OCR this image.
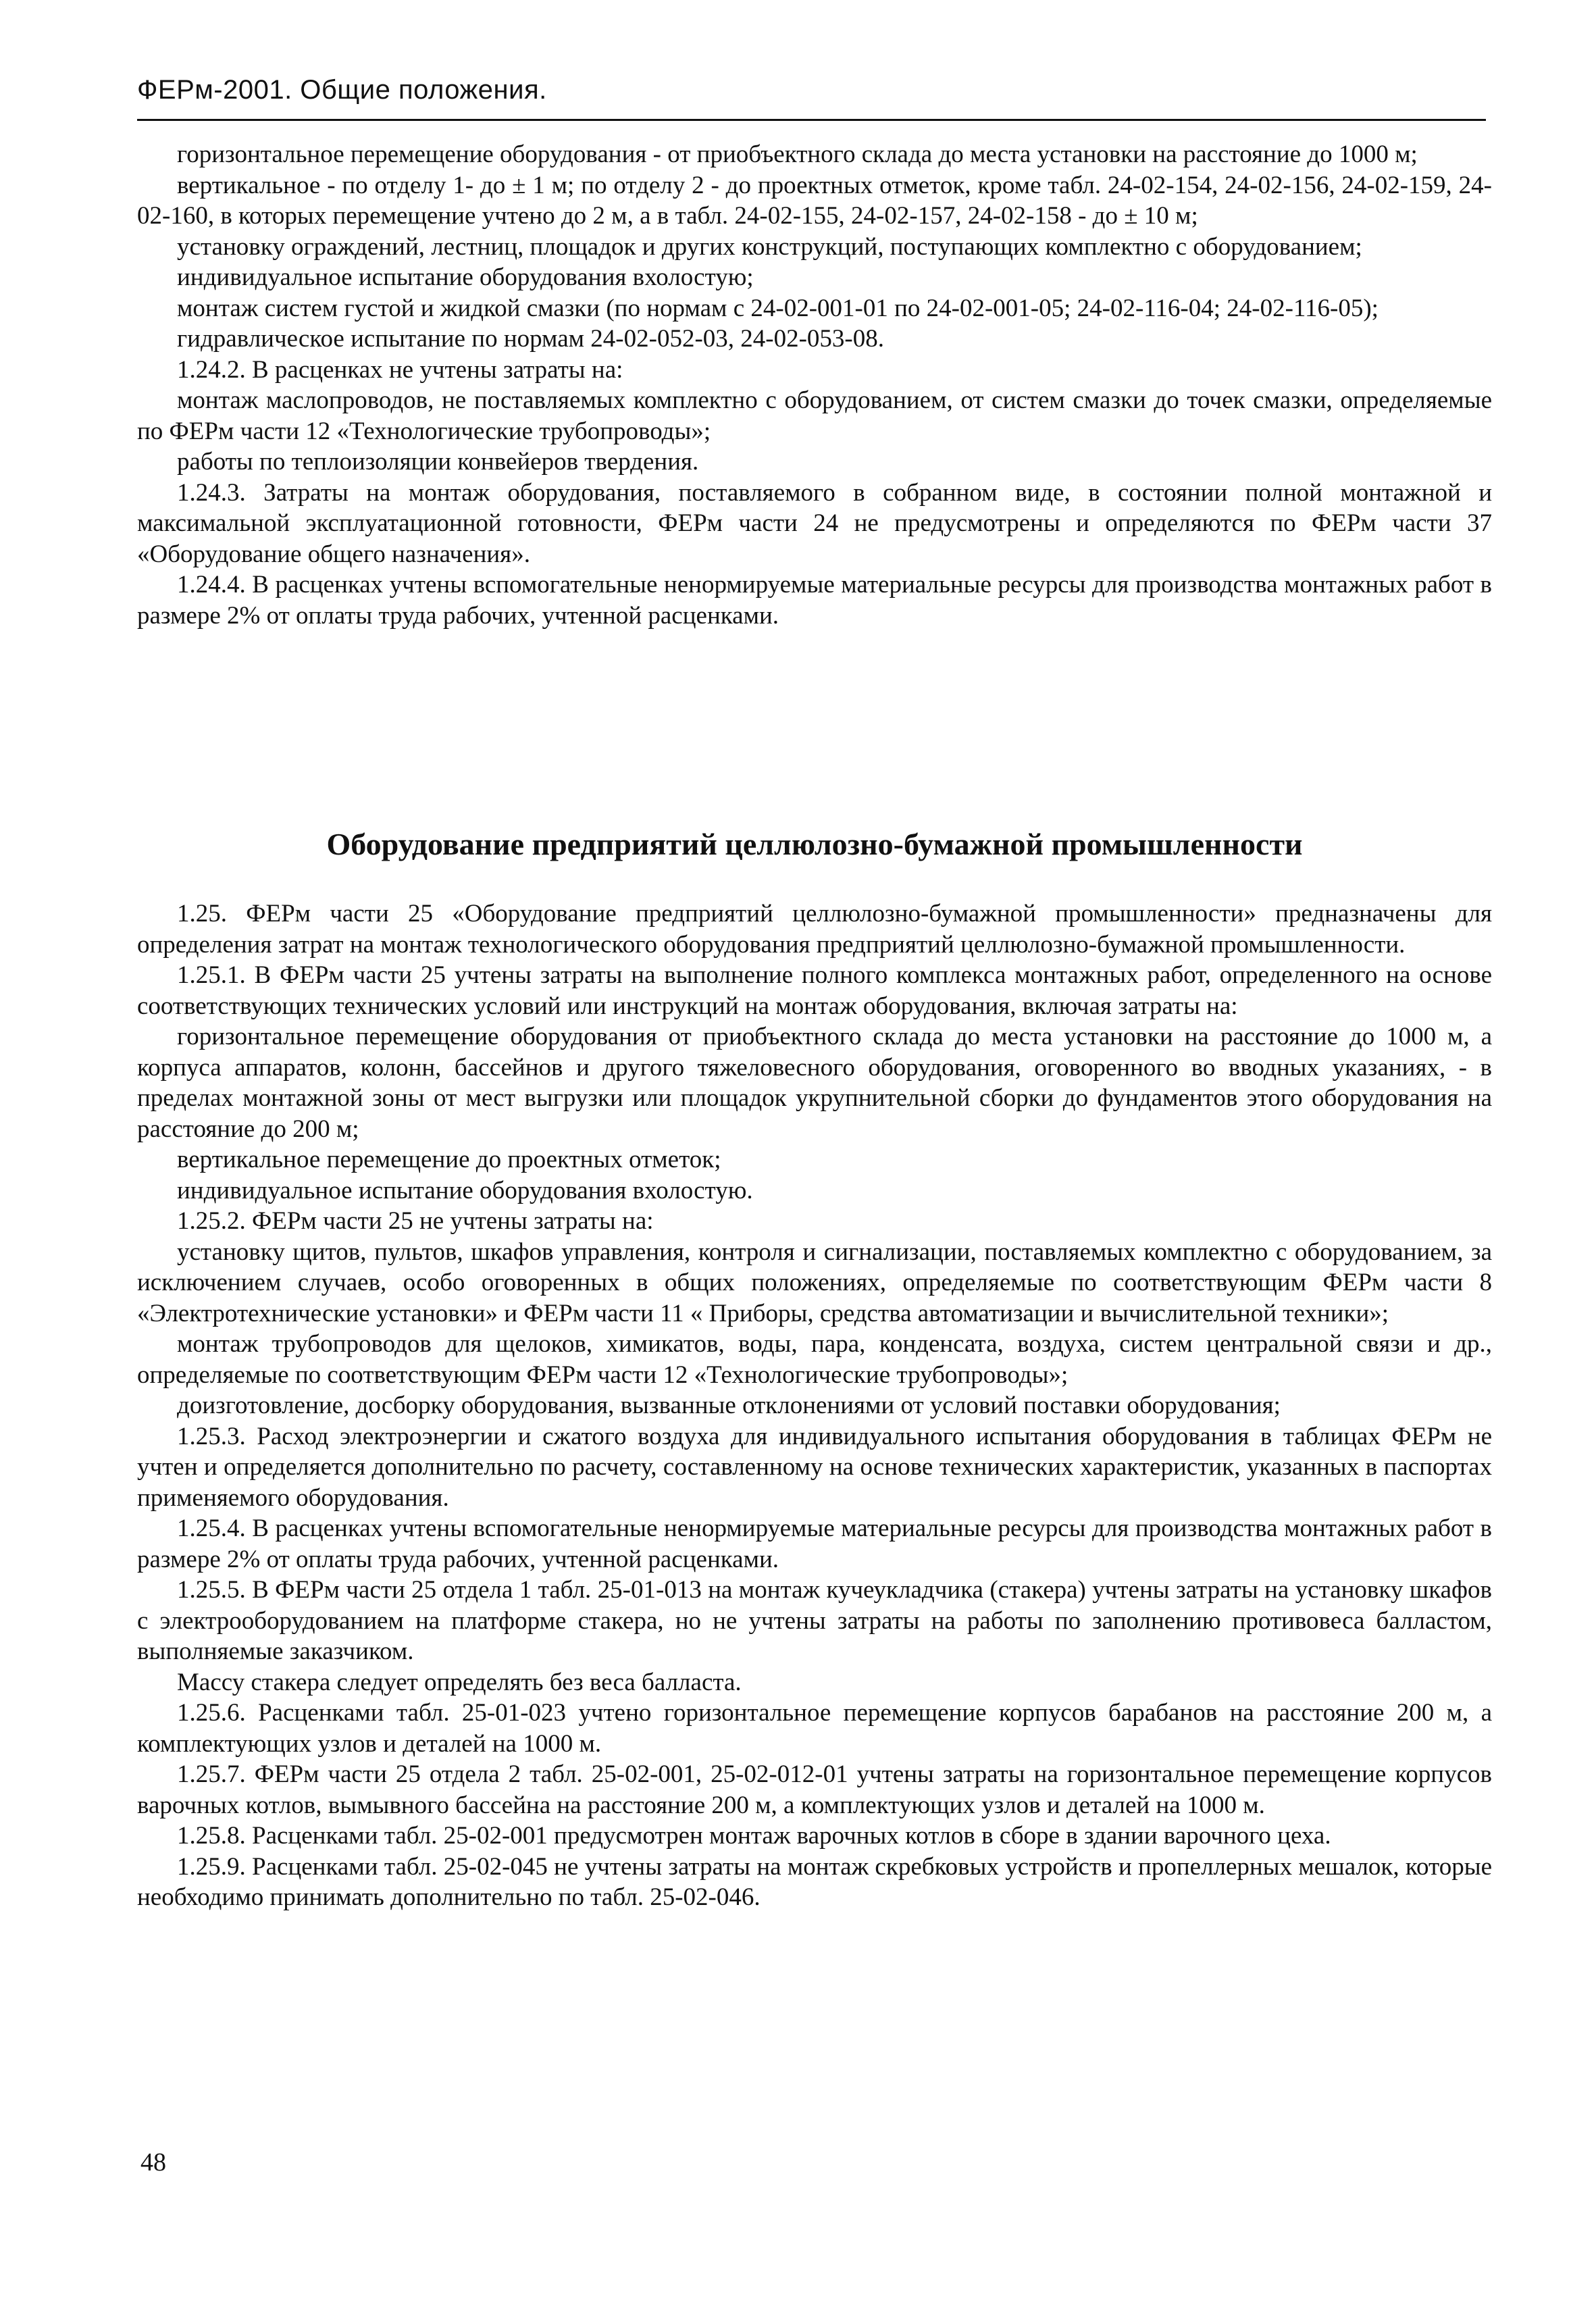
ФЕРм-2001. Общие положения.

горизонтальное перемещение оборудования - от приобъектного склада до места установки на расстояние до 1000 м;

вертикальное - по отделу 1- до ± 1 м; по отделу 2 - до проектных отметок, кроме табл. 24-02-154, 24-02-156, 24-02-159, 24-02-160, в которых перемещение учтено до 2 м, а в табл. 24-02-155, 24-02-157, 24-02-158 - до ± 10 м;

установку ограждений, лестниц, площадок и других конструкций, поступающих комплектно с оборудованием;

индивидуальное испытание оборудования вхолостую;

монтаж систем густой и жидкой смазки (по нормам с 24-02-001-01 по 24-02-001-05; 24-02-116-04; 24-02-116-05);

гидравлическое испытание по нормам 24-02-052-03, 24-02-053-08.

1.24.2. В расценках не учтены затраты на:

монтаж маслопроводов, не поставляемых комплектно с оборудованием, от систем смазки до точек смазки, определяемые по ФЕРм части 12 «Технологические трубопроводы»;

работы по теплоизоляции конвейеров твердения.

1.24.3. Затраты на монтаж оборудования, поставляемого в собранном виде, в состоянии полной монтажной и максимальной эксплуатационной готовности, ФЕРм части 24 не предусмотрены и определяются по ФЕРм части 37 «Оборудование общего назначения».

1.24.4. В расценках учтены вспомогательные ненормируемые материальные ресурсы для производства монтажных работ в размере 2% от оплаты труда рабочих, учтенной расценками.

Оборудование предприятий целлюлозно-бумажной промышленности

1.25. ФЕРм части 25 «Оборудование предприятий целлюлозно-бумажной промышленности» предназначены для определения затрат на монтаж технологического оборудования предприятий целлюлозно-бумажной промышленности.

1.25.1. В ФЕРм части 25 учтены затраты на выполнение полного комплекса монтажных работ, определенного на основе соответствующих технических условий или инструкций на монтаж оборудования, включая затраты на:

горизонтальное перемещение оборудования от приобъектного склада до места установки на расстояние до 1000 м, а корпуса аппаратов, колонн, бассейнов и другого тяжеловесного оборудования, оговоренного во вводных указаниях, - в пределах монтажной зоны от мест выгрузки или площадок укрупнительной сборки до фундаментов этого оборудования на расстояние до 200 м;

вертикальное перемещение до проектных отметок;

индивидуальное испытание оборудования вхолостую.

1.25.2. ФЕРм части 25 не учтены затраты на:

установку щитов, пультов, шкафов управления, контроля и сигнализации, поставляемых комплектно с оборудованием, за исключением случаев, особо оговоренных в общих положениях, определяемые по соответствующим ФЕРм части 8 «Электротехнические установки» и ФЕРм части 11 « Приборы, средства автоматизации и вычислительной техники»;

монтаж трубопроводов для щелоков, химикатов, воды, пара, конденсата, воздуха, систем центральной связи и др., определяемые по соответствующим ФЕРм части 12 «Технологические трубопроводы»;

доизготовление, досборку оборудования, вызванные отклонениями от условий поставки оборудования;

1.25.3. Расход электроэнергии и сжатого воздуха для индивидуального испытания оборудования в таблицах ФЕРм не учтен и определяется дополнительно по расчету, составленному на основе технических характеристик, указанных в паспортах применяемого оборудования.

1.25.4. В расценках учтены вспомогательные ненормируемые материальные ресурсы для производства монтажных работ в размере 2% от оплаты труда рабочих, учтенной расценками.

1.25.5. В ФЕРм части 25 отдела 1 табл. 25-01-013 на монтаж кучеукладчика (стакера) учтены затраты на установку шкафов с электрооборудованием на платформе стакера, но не учтены затраты на работы по заполнению противовеса балластом, выполняемые заказчиком.

Массу стакера следует определять без веса балласта.

1.25.6. Расценками табл. 25-01-023 учтено горизонтальное перемещение корпусов барабанов на расстояние 200 м, а комплектующих узлов и деталей на 1000 м.

1.25.7. ФЕРм части 25 отдела 2 табл. 25-02-001, 25-02-012-01 учтены затраты на горизонтальное перемещение корпусов варочных котлов, вымывного бассейна на расстояние 200 м, а комплектующих узлов и деталей на 1000 м.

1.25.8. Расценками табл. 25-02-001 предусмотрен монтаж варочных котлов в сборе в здании варочного цеха.

1.25.9. Расценками табл. 25-02-045 не учтены затраты на монтаж скребковых устройств и пропеллерных мешалок, которые необходимо принимать дополнительно по табл. 25-02-046.

48
